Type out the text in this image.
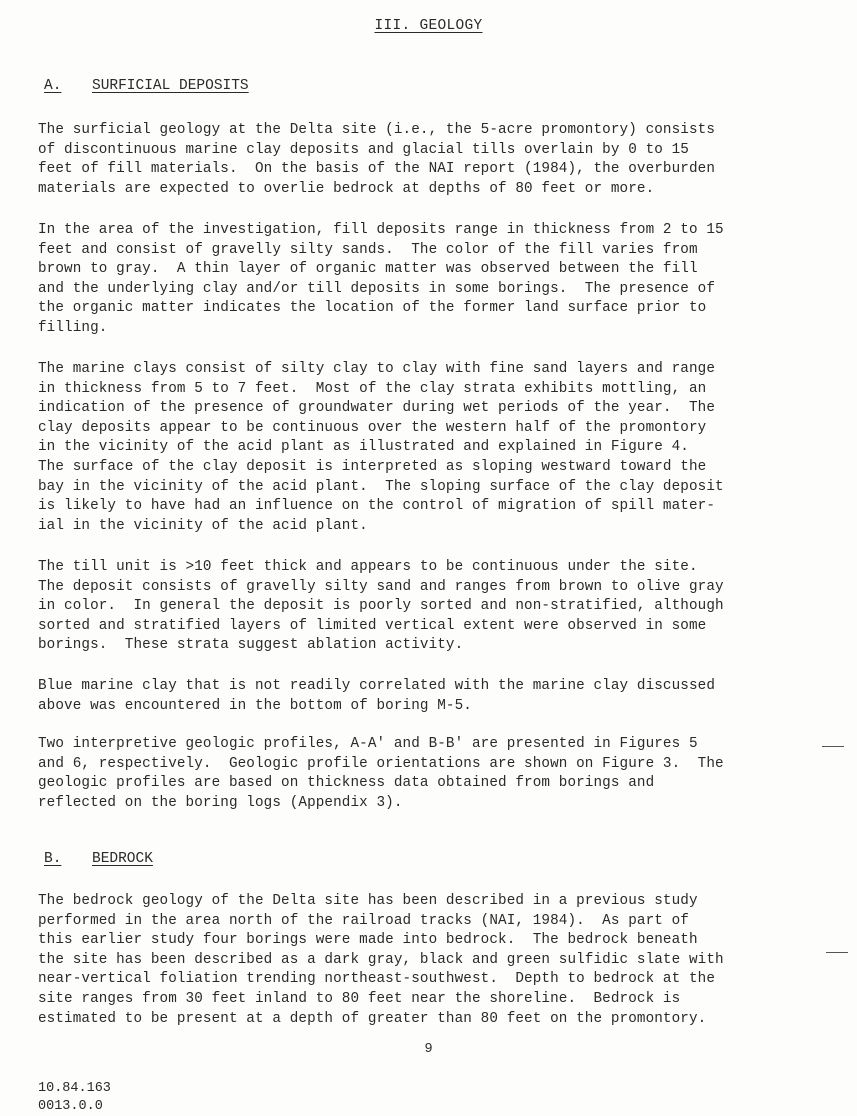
III. GEOLOGY
A. SURFICIAL DEPOSITS
The surficial geology at the Delta site (i.e., the 5-acre promontory) consists
of discontinuous marine clay deposits and glacial tills overlain by 0 to 15
feet of fill materials.  On the basis of the NAI report (1984), the overburden
materials are expected to overlie bedrock at depths of 80 feet or more.
In the area of the investigation, fill deposits range in thickness from 2 to 15
feet and consist of gravelly silty sands.  The color of the fill varies from
brown to gray.  A thin layer of organic matter was observed between the fill
and the underlying clay and/or till deposits in some borings.  The presence of
the organic matter indicates the location of the former land surface prior to
filling.
The marine clays consist of silty clay to clay with fine sand layers and range
in thickness from 5 to 7 feet.  Most of the clay strata exhibits mottling, an
indication of the presence of groundwater during wet periods of the year.  The
clay deposits appear to be continuous over the western half of the promontory
in the vicinity of the acid plant as illustrated and explained in Figure 4.
The surface of the clay deposit is interpreted as sloping westward toward the
bay in the vicinity of the acid plant.  The sloping surface of the clay deposit
is likely to have had an influence on the control of migration of spill mater-
ial in the vicinity of the acid plant.
The till unit is >10 feet thick and appears to be continuous under the site.
The deposit consists of gravelly silty sand and ranges from brown to olive gray
in color.  In general the deposit is poorly sorted and non-stratified, although
sorted and stratified layers of limited vertical extent were observed in some
borings.  These strata suggest ablation activity.
Blue marine clay that is not readily correlated with the marine clay discussed
above was encountered in the bottom of boring M-5.
Two interpretive geologic profiles, A-A' and B-B' are presented in Figures 5
and 6, respectively.  Geologic profile orientations are shown on Figure 3.  The
geologic profiles are based on thickness data obtained from borings and
reflected on the boring logs (Appendix 3).
B. BEDROCK
The bedrock geology of the Delta site has been described in a previous study
performed in the area north of the railroad tracks (NAI, 1984).  As part of
this earlier study four borings were made into bedrock.  The bedrock beneath
the site has been described as a dark gray, black and green sulfidic slate with
near-vertical foliation trending northeast-southwest.  Depth to bedrock at the
site ranges from 30 feet inland to 80 feet near the shoreline.  Bedrock is
estimated to be present at a depth of greater than 80 feet on the promontory.
9
10.84.163
0013.0.0
